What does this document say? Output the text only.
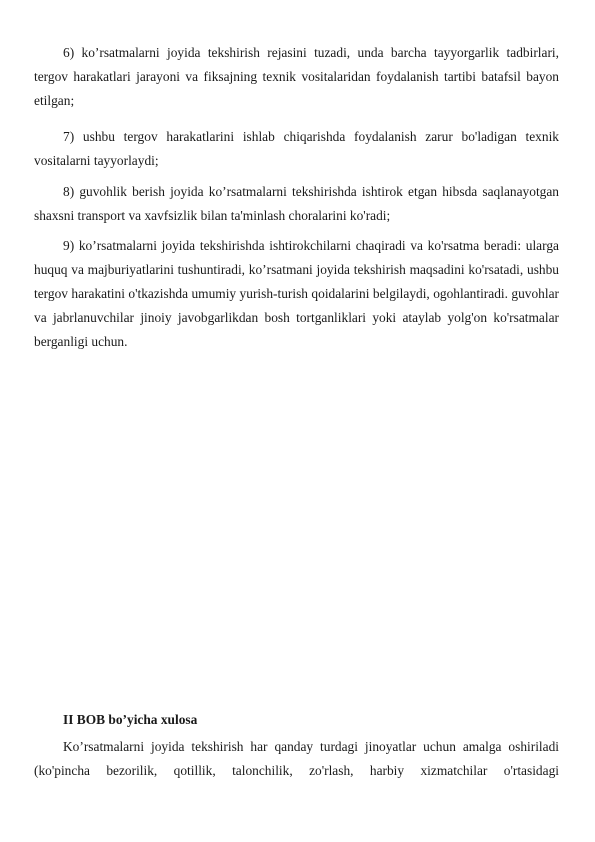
6) ko’rsatmalarni joyida tekshirish rejasini tuzadi, unda barcha tayyorgarlik tadbirlari, tergov harakatlari jarayoni va fiksajning texnik vositalaridan foydalanish tartibi batafsil bayon etilgan;

7) ushbu tergov harakatlarini ishlab chiqarishda foydalanish zarur bo'ladigan texnik vositalarni tayyorlaydi;

8) guvohlik berish joyida ko’rsatmalarni tekshirishda ishtirok etgan hibsda saqlanayotgan shaxsni transport va xavfsizlik bilan ta'minlash choralarini ko'radi;

9) ko’rsatmalarni joyida tekshirishda ishtirokchilarni chaqiradi va ko'rsatma beradi: ularga huquq va majburiyatlarini tushuntiradi, ko’rsatmani joyida tekshirish maqsadini ko'rsatadi, ushbu tergov harakatini o'tkazishda umumiy yurish-turish qoidalarini belgilaydi, ogohlantiradi. guvohlar va jabrlanuvchilar jinoiy javobgarlikdan bosh tortganliklari yoki ataylab yolg'on ko'rsatmalar berganligi uchun.

II BOB bo’yicha xulosa

Ko’rsatmalarni joyida tekshirish har qanday turdagi jinoyatlar uchun amalga oshiriladi (ko'pincha bezorilik, qotillik, talonchilik, zo'rlash, harbiy xizmatchilar o'rtasidagi
